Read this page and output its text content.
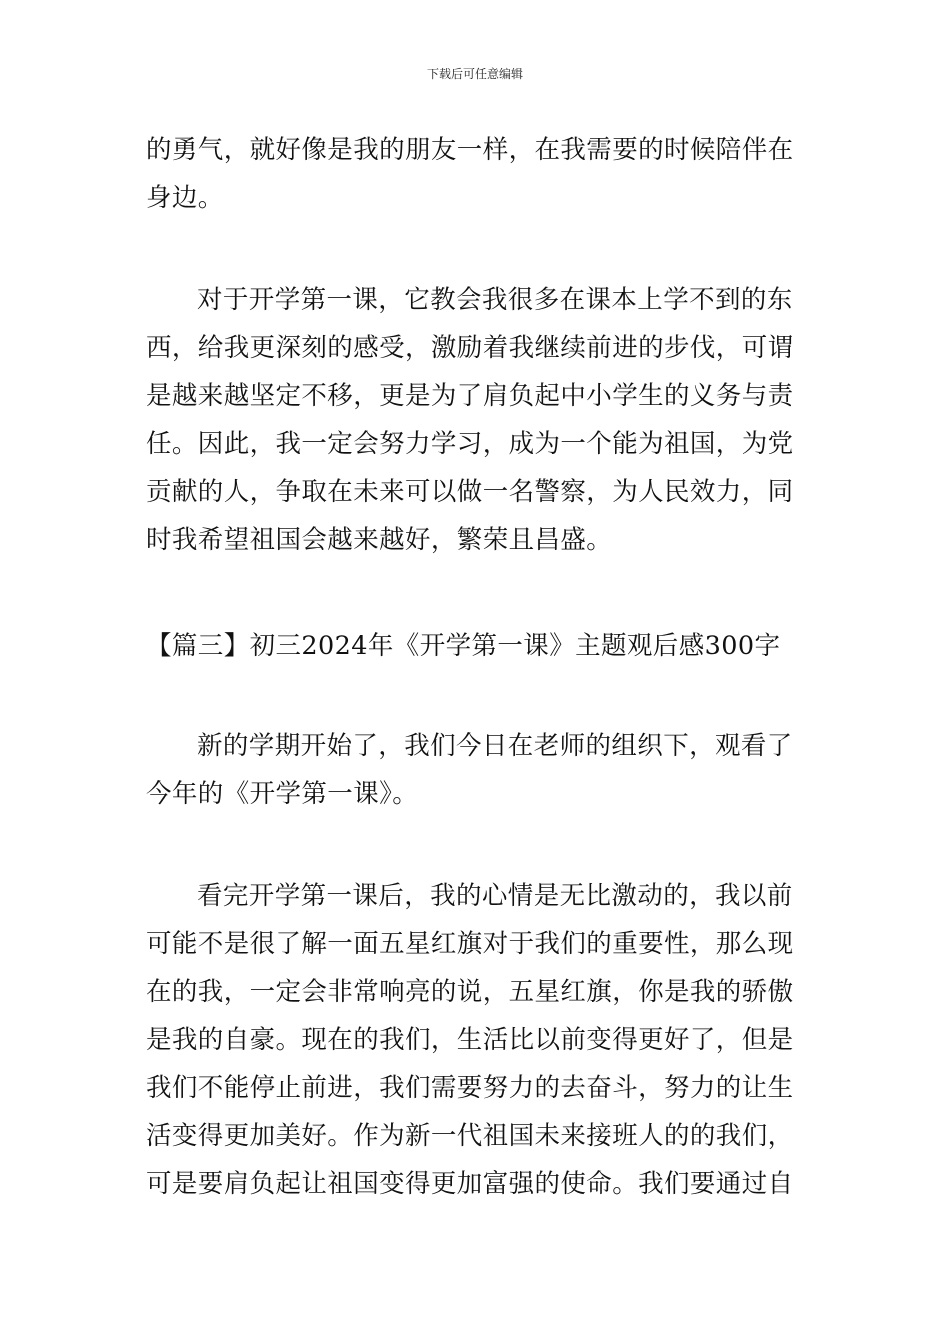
下载后可任意编辑
的勇气，就好像是我的朋友一样，在我需要的时候陪伴在
身边。
对于开学第一课，它教会我很多在课本上学不到的东
西，给我更深刻的感受，激励着我继续前进的步伐，可谓
是越来越坚定不移，更是为了肩负起中小学生的义务与责
任。因此，我一定会努力学习，成为一个能为祖国，为党
贡献的人，争取在未来可以做一名警察，为人民效力，同
时我希望祖国会越来越好，繁荣且昌盛。
【篇三】初三2024年《开学第一课》主题观后感300字
新的学期开始了，我们今日在老师的组织下，观看了
今年的《开学第一课》。
看完开学第一课后，我的心情是无比激动的，我以前
可能不是很了解一面五星红旗对于我们的重要性，那么现
在的我，一定会非常响亮的说，五星红旗，你是我的骄傲
是我的自豪。现在的我们，生活比以前变得更好了，但是
我们不能停止前进，我们需要努力的去奋斗，努力的让生
活变得更加美好。作为新一代祖国未来接班人的的我们，
可是要肩负起让祖国变得更加富强的使命。我们要通过自
